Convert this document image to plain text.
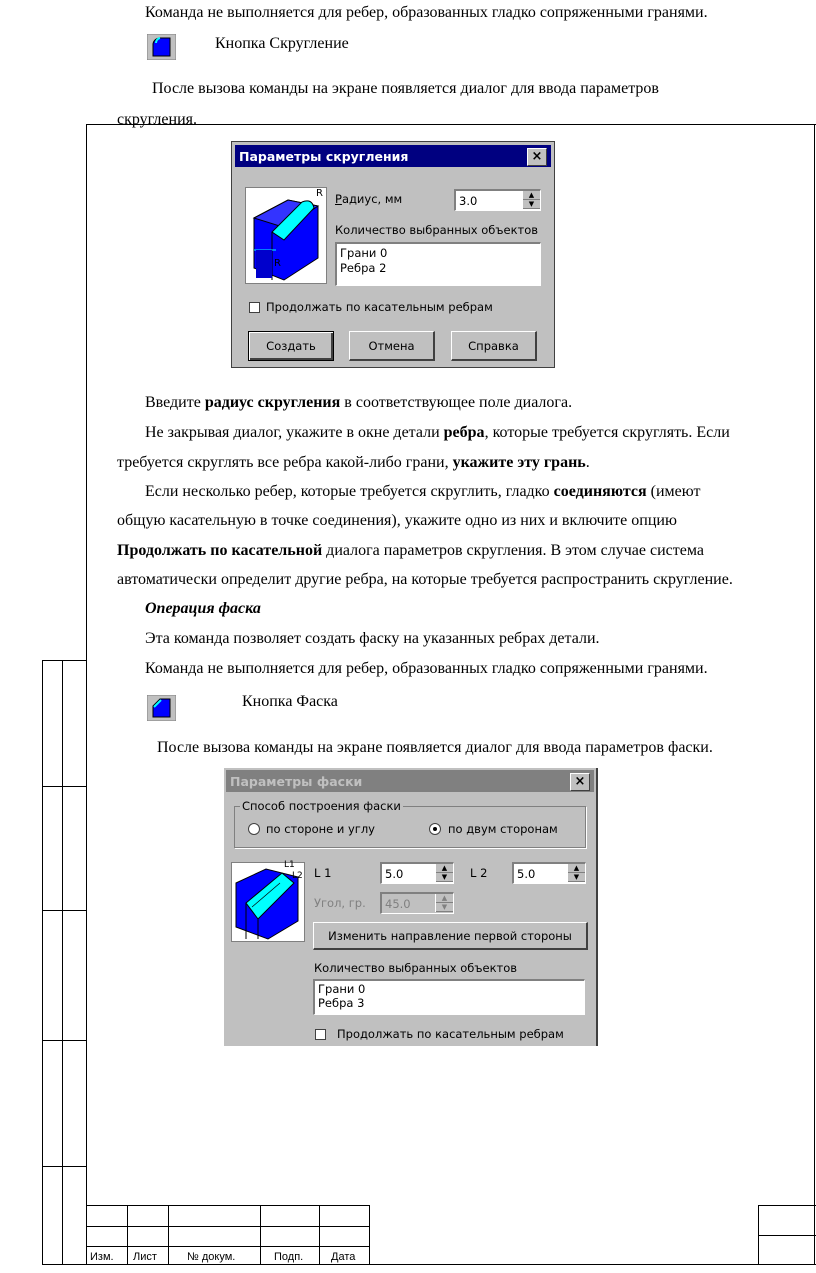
Команда не выполняется для ребер, образованных гладко сопряженными гранями.
Кнопка Скругление
После вызова команды на экране появляется диалог для ввода параметров
скругления.
Параметры скругления	×
R
R
Радиус, мм	3.0	▲
▼
Количество выбранных объектов
Грани 0
Ребра 2
Продолжать по касательным ребрам
Создать	Отмена	Справка
Введите радиус скругления в соответствующее поле диалога.
Не закрывая диалог, укажите в окне детали ребра, которые требуется скруглять. Если
требуется скруглять все ребра какой-либо грани, укажите эту грань.
Если несколько ребер, которые требуется скруглить, гладко соединяются (имеют
общую касательную в точке соединения), укажите одно из них и включите опцию
Продолжать по касательной диалога параметров скругления. В этом случае система
автоматически определит другие ребра, на которые требуется распространить скругление.
Операция фаска
Эта команда позволяет создать фаску на указанных ребрах детали.
Команда не выполняется для ребер, образованных гладко сопряженными гранями.
Кнопка Фаска
После вызова команды на экране появляется диалог для ввода параметров фаски.
Параметры фаски	×
Способ построения фаски
по стороне и углу	по двум сторонам
L1
L2 L 1	5.0	▲
▼	L 2	5.0	▲
▼
Угол, гр. 45.0	▲
▼
Изменить направление первой стороны
Количество выбранных объектов
Грани 0
Ребра 3
Продолжать по касательным ребрам
Изм. Лист	№ докум.	Подп.	Дата
